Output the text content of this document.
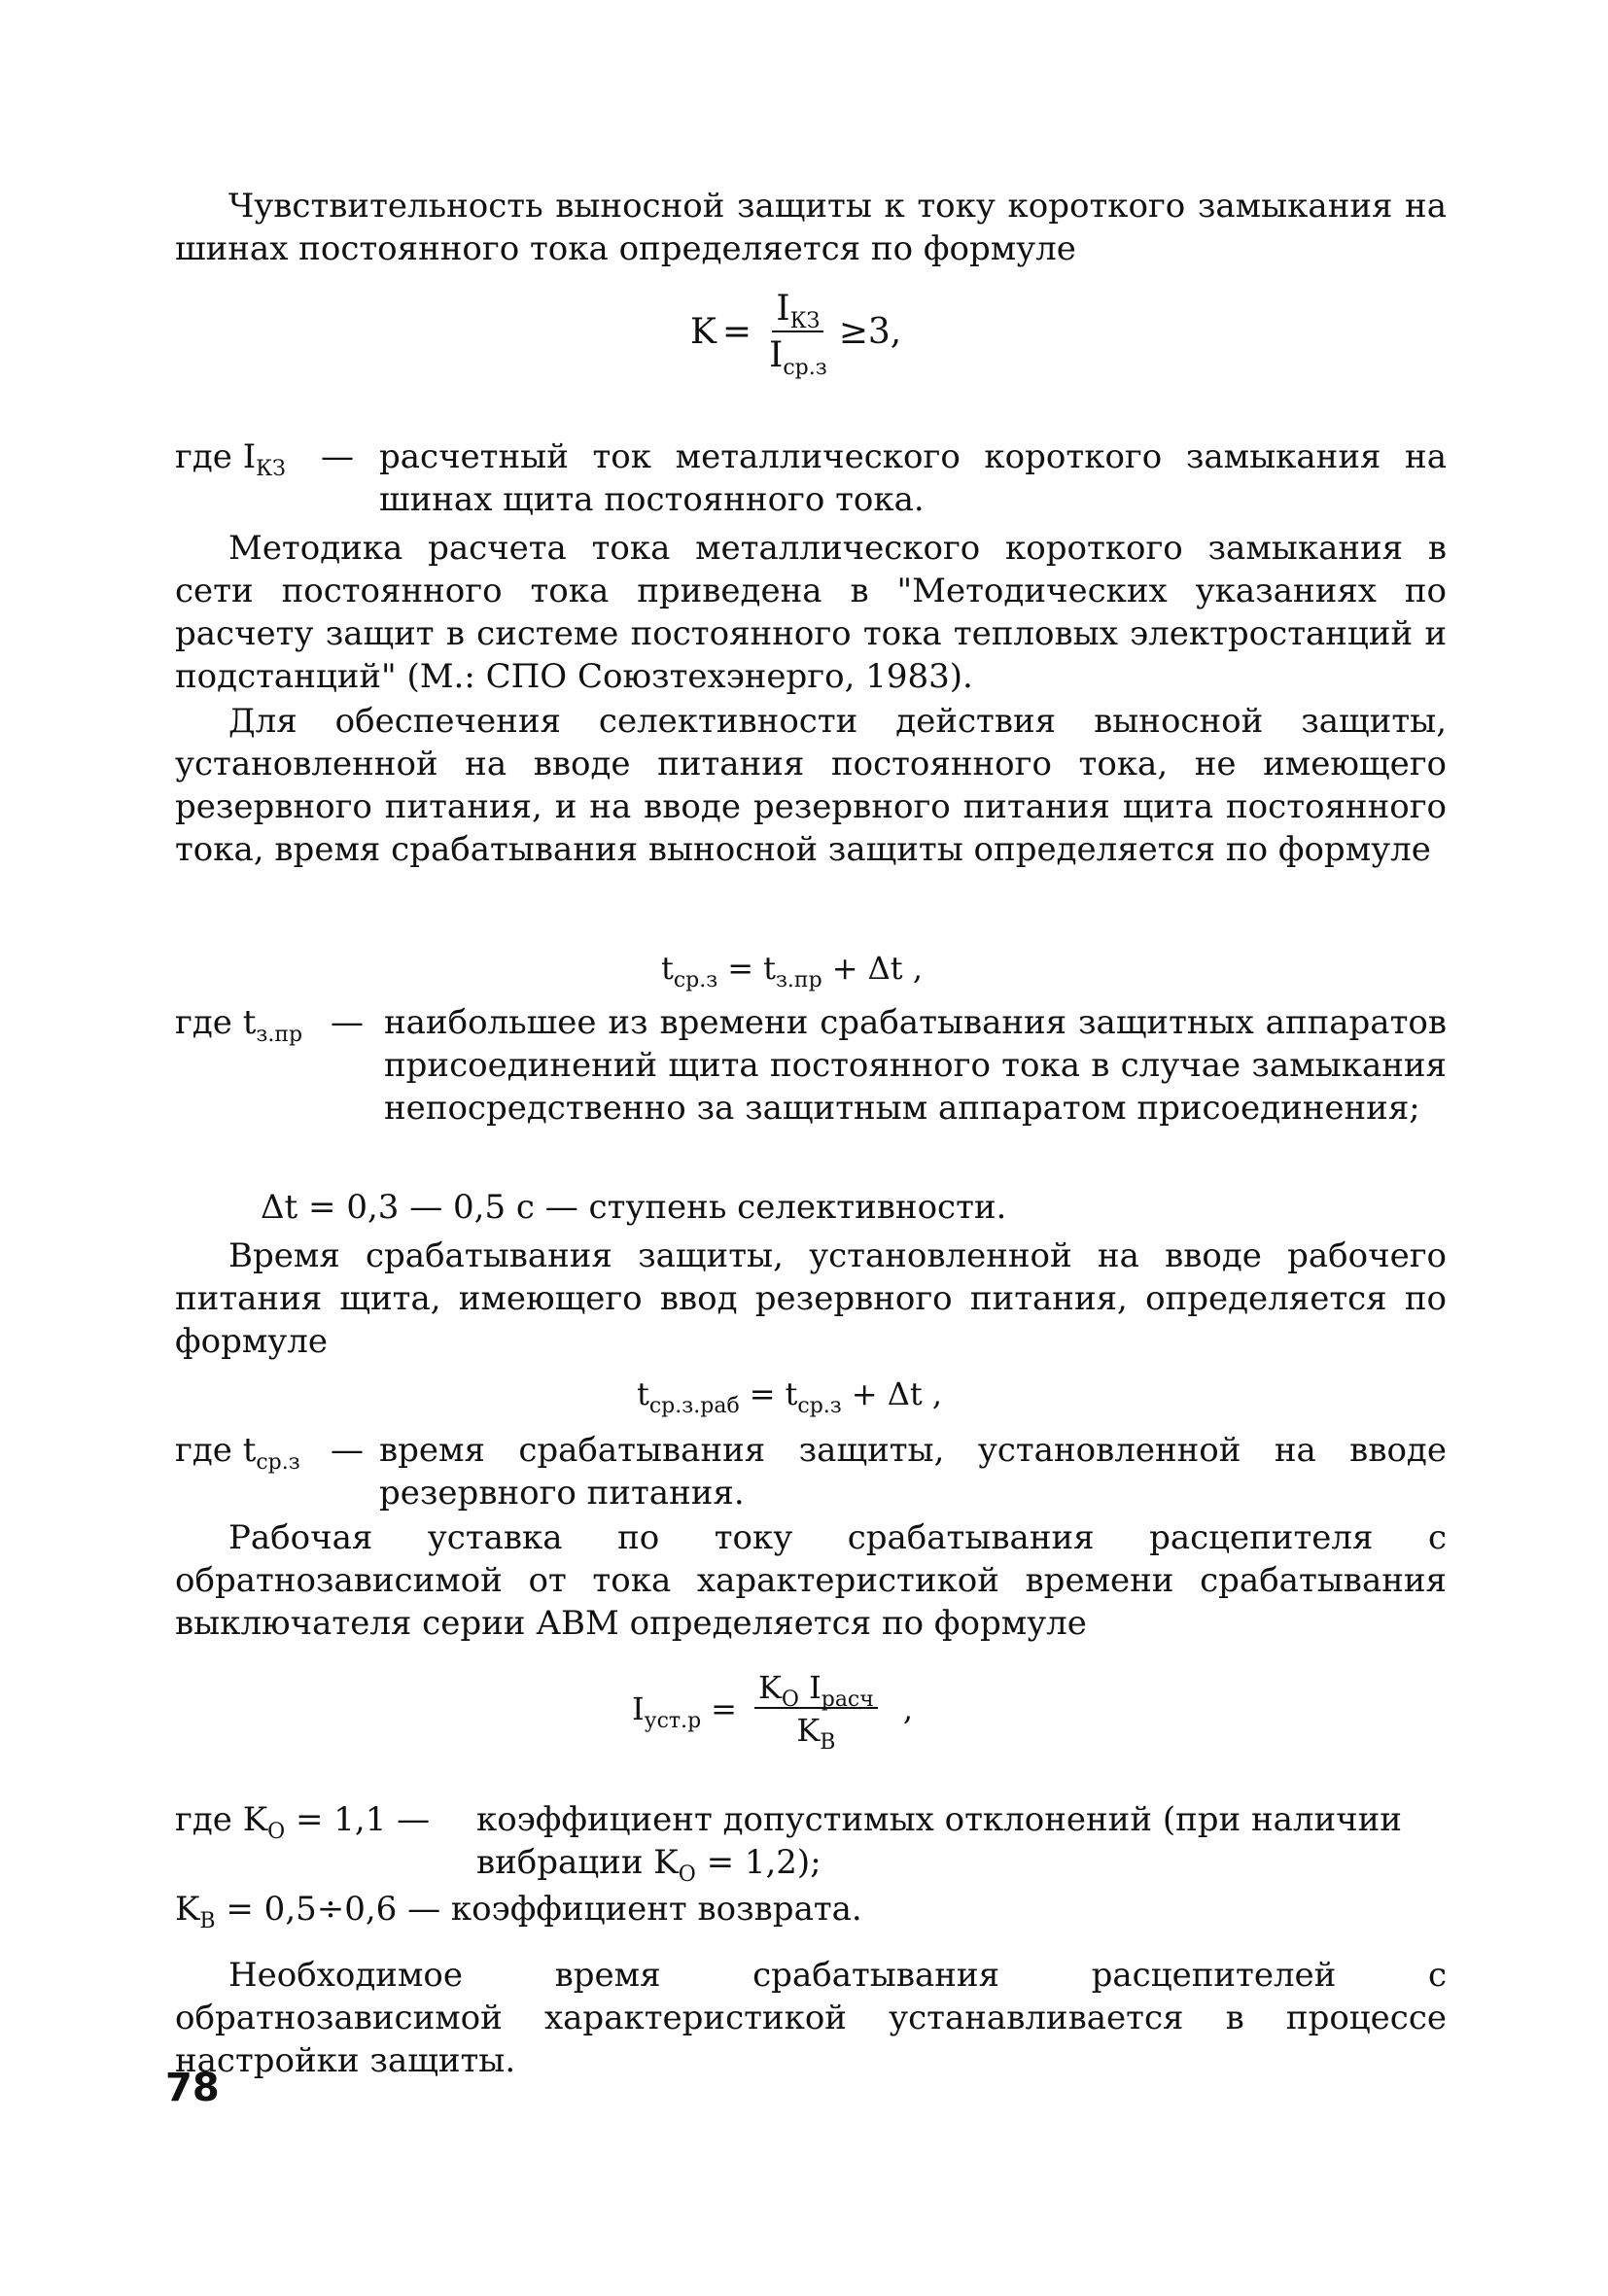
Чувствительность выносной защиты к току короткого замыкания на шинах постоянного тока определяется по формуле

$K = \frac{I_{КЗ}}{I_{ср.з}} \ge 3$,
где $I_{КЗ}$ — расчетный ток металлического короткого замыкания на шинах щита постоянного тока.

Методика расчета тока металлического короткого замыкания в сети постоянного тока приведена в "Методических указаниях по расчету защит в системе постоянного тока тепловых электростанций и подстанций" (М.: СПО Союзтехэнерго, 1983).

Для обеспечения селективности действия выносной защиты, установленной на вводе питания постоянного тока, не имеющего резервного питания, и на вводе резервного питания щита постоянного тока, время срабатывания выносной защиты определяется по формуле

$t_{ср.з} = t_{з.пр} + \Delta t$ ,
где $t_{з.пр}$ — наибольшее из времени срабатывания защитных аппаратов присоединений щита постоянного тока в случае замыкания непосредственно за защитным аппаратом присоединения;

Δt = 0,3 — 0,5 с — ступень селективности.

Время срабатывания защиты, установленной на вводе рабочего питания щита, имеющего ввод резервного питания, определяется по формуле

$t_{ср.з.раб} = t_{ср.з} + \Delta t$ ,
где $t_{ср.з}$ — время срабатывания защиты, установленной на вводе резервного питания.

Рабочая уставка по току срабатывания расцепителя с обратнозависимой от тока характеристикой времени срабатывания выключателя серии АВМ определяется по формуле

$I_{уст.р} = \frac{K_О I_{расч}}{K_В}$ ,
где $K_О = 1,1$ — коэффициент допустимых отклонений (при наличии вибрации $K_О = 1,2$);
$K_В = 0,5\div 0,6$ — коэффициент возврата.

Необходимое время срабатывания расцепителей с обратнозависимой характеристикой устанавливается в процессе настройки защиты.

78
